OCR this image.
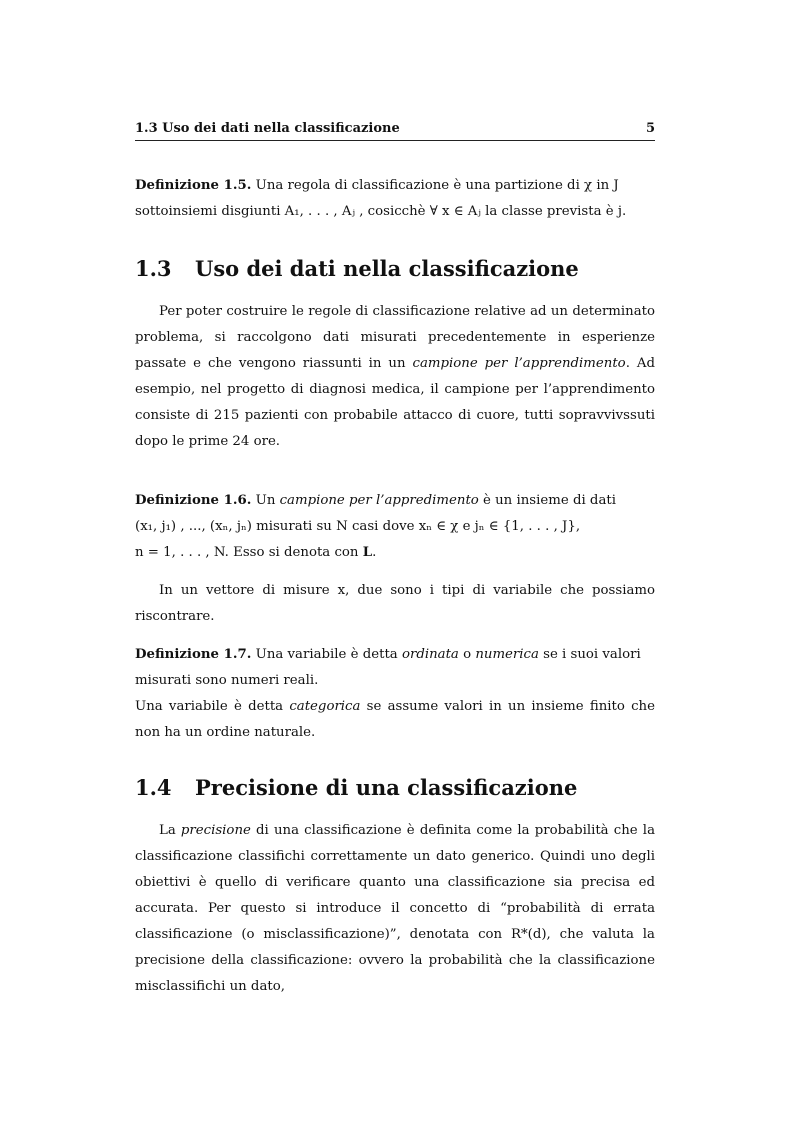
1.3 Uso dei dati nella classificazione	5

Definizione 1.5. Una regola di classificazione è una partizione di χ in J

sottoinsiemi disgiunti A₁, . . . , Aⱼ , cosicchè ∀ x ∈ Aⱼ la classe prevista è j.

1.3 Uso dei dati nella classificazione

Per poter costruire le regole di classificazione relative ad un determinato problema, si raccolgono dati misurati precedentemente in esperienze passate e che vengono riassunti in un campione per l’apprendimento. Ad esempio, nel progetto di diagnosi medica, il campione per l’apprendimento consiste di 215 pazienti con probabile attacco di cuore, tutti sopravvivssuti dopo le prime 24 ore.

Definizione 1.6. Un campione per l’appredimento è un insieme di dati

(x₁, j₁) , ..., (xₙ, jₙ) misurati su N casi dove xₙ ∈ χ e jₙ ∈ {1, . . . , J},

n = 1, . . . , N. Esso si denota con L.

In un vettore di misure x, due sono i tipi di variabile che possiamo riscontrare.

Definizione 1.7. Una variabile è detta ordinata o numerica se i suoi valori misurati sono numeri reali.

Una variabile è detta categorica se assume valori in un insieme finito che non ha un ordine naturale.

1.4 Precisione di una classificazione

La precisione di una classificazione è definita come la probabilità che la classificazione classifichi correttamente un dato generico. Quindi uno degli obiettivi è quello di verificare quanto una classificazione sia precisa ed accurata. Per questo si introduce il concetto di “probabilità di errata classificazione (o misclassificazione)”, denotata con R*(d), che valuta la precisione della classificazione: ovvero la probabilità che la classificazione misclassifichi un dato,
